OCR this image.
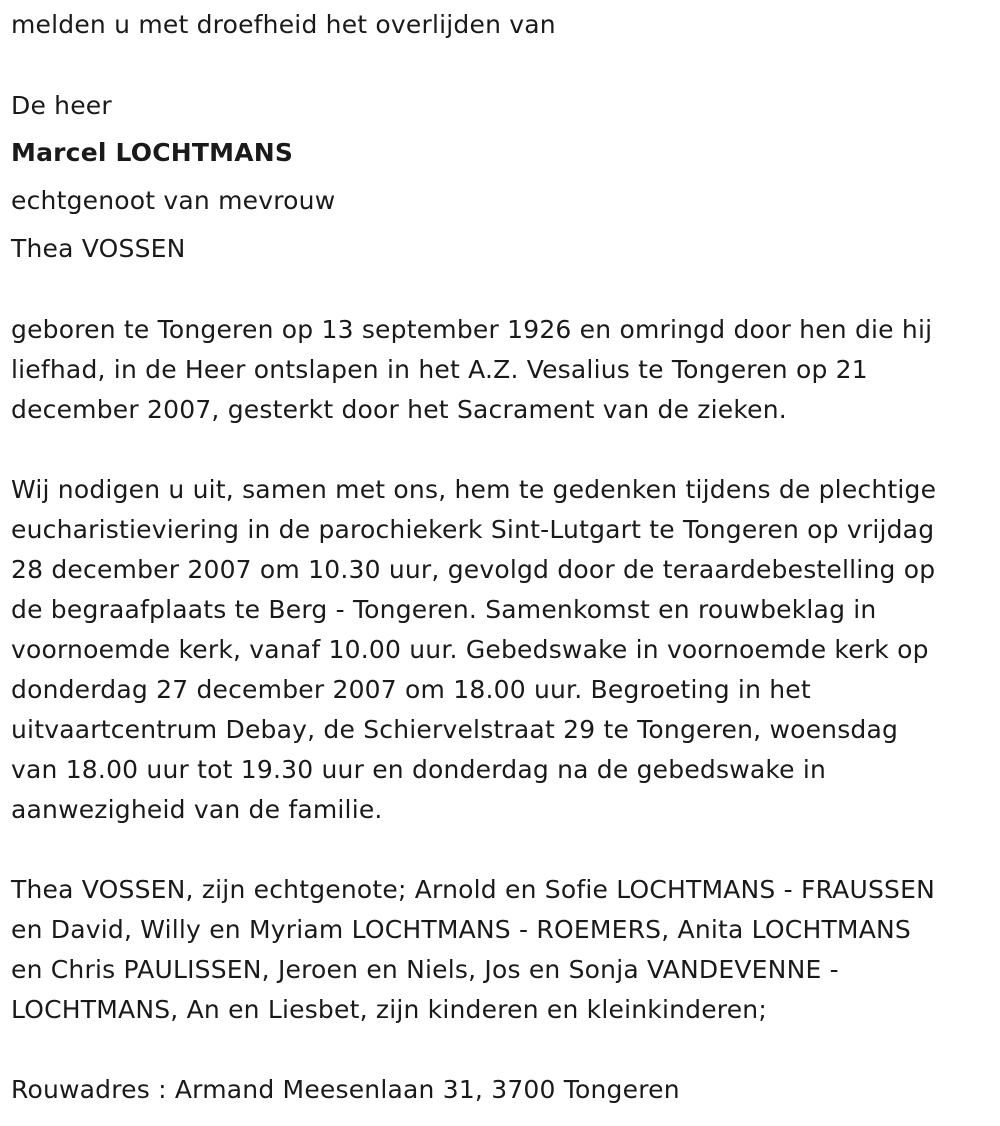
melden u met droefheid het overlijden van
De heer
Marcel LOCHTMANS
echtgenoot van mevrouw
Thea VOSSEN
geboren te Tongeren op 13 september 1926 en omringd door hen die hij
liefhad, in de Heer ontslapen in het A.Z. Vesalius te Tongeren op 21
december 2007, gesterkt door het Sacrament van de zieken.
Wij nodigen u uit, samen met ons, hem te gedenken tijdens de plechtige
eucharistieviering in de parochiekerk Sint-Lutgart te Tongeren op vrijdag
28 december 2007 om 10.30 uur, gevolgd door de teraardebestelling op
de begraafplaats te Berg - Tongeren. Samenkomst en rouwbeklag in
voornoemde kerk, vanaf 10.00 uur. Gebedswake in voornoemde kerk op
donderdag 27 december 2007 om 18.00 uur. Begroeting in het
uitvaartcentrum Debay, de Schiervelstraat 29 te Tongeren, woensdag
van 18.00 uur tot 19.30 uur en donderdag na de gebedswake in
aanwezigheid van de familie.
Thea VOSSEN, zijn echtgenote; Arnold en Sofie LOCHTMANS - FRAUSSEN
en David, Willy en Myriam LOCHTMANS - ROEMERS, Anita LOCHTMANS
en Chris PAULISSEN, Jeroen en Niels, Jos en Sonja VANDEVENNE -
LOCHTMANS, An en Liesbet, zijn kinderen en kleinkinderen;
Rouwadres : Armand Meesenlaan 31, 3700 Tongeren
